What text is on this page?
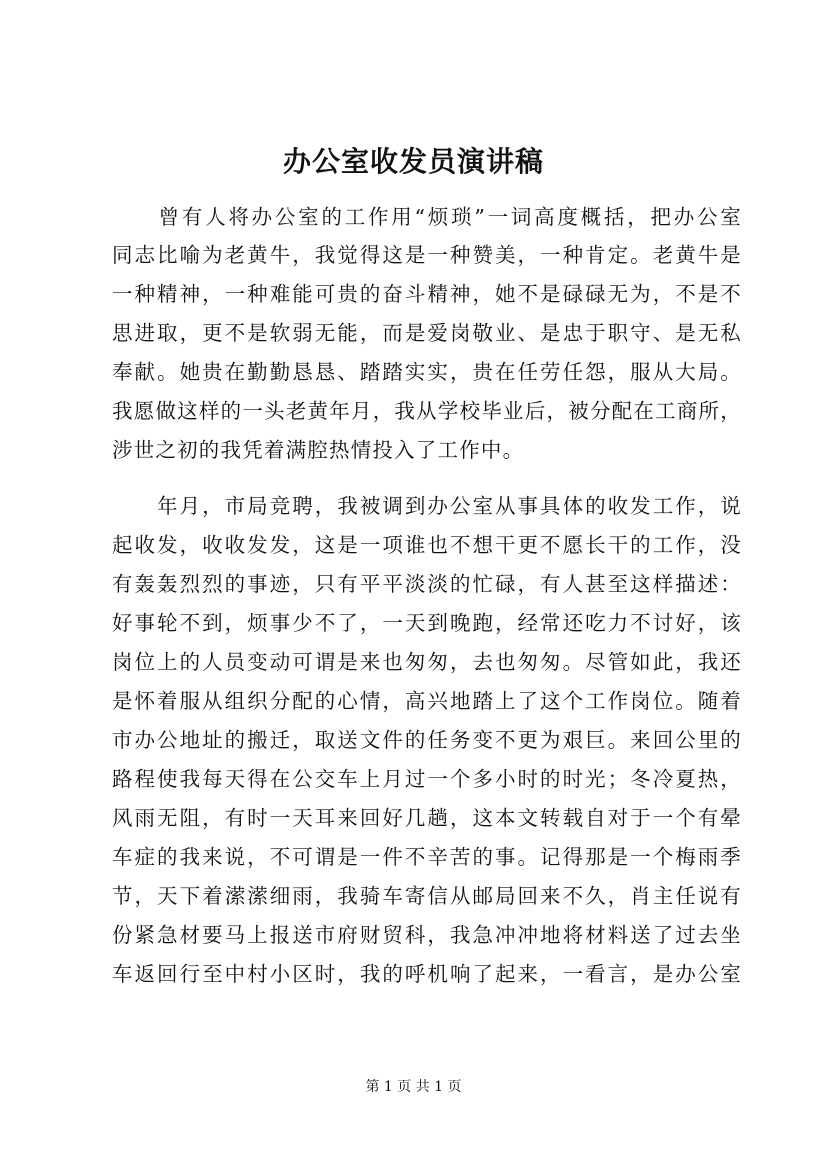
办公室收发员演讲稿
　　曾有人将办公室的工作用“烦琐”一词高度概括，把办公室
同志比喻为老黄牛，我觉得这是一种赞美，一种肯定。老黄牛是
一种精神，一种难能可贵的奋斗精神，她不是碌碌无为，不是不
思进取，更不是软弱无能，而是爱岗敬业、是忠于职守、是无私
奉献。她贵在勤勤恳恳、踏踏实实，贵在任劳任怨，服从大局。
我愿做这样的一头老黄年月，我从学校毕业后，被分配在工商所，
涉世之初的我凭着满腔热情投入了工作中。
　　年月，市局竞聘，我被调到办公室从事具体的收发工作，说
起收发，收收发发，这是一项谁也不想干更不愿长干的工作，没
有轰轰烈烈的事迹，只有平平淡淡的忙碌，有人甚至这样描述：
好事轮不到，烦事少不了，一天到晚跑，经常还吃力不讨好，该
岗位上的人员变动可谓是来也匆匆，去也匆匆。尽管如此，我还
是怀着服从组织分配的心情，高兴地踏上了这个工作岗位。随着
市办公地址的搬迁，取送文件的任务变不更为艰巨。来回公里的
路程使我每天得在公交车上月过一个多小时的时光；冬冷夏热，
风雨无阻，有时一天耳来回好几趟，这本文转载自对于一个有晕
车症的我来说，不可谓是一件不辛苦的事。记得那是一个梅雨季
节，天下着潆潆细雨，我骑车寄信从邮局回来不久，肖主任说有
份紧急材要马上报送市府财贸科，我急冲冲地将材料送了过去坐
车返回行至中村小区时，我的呼机响了起来，一看言，是办公室
第 1 页 共 1 页
